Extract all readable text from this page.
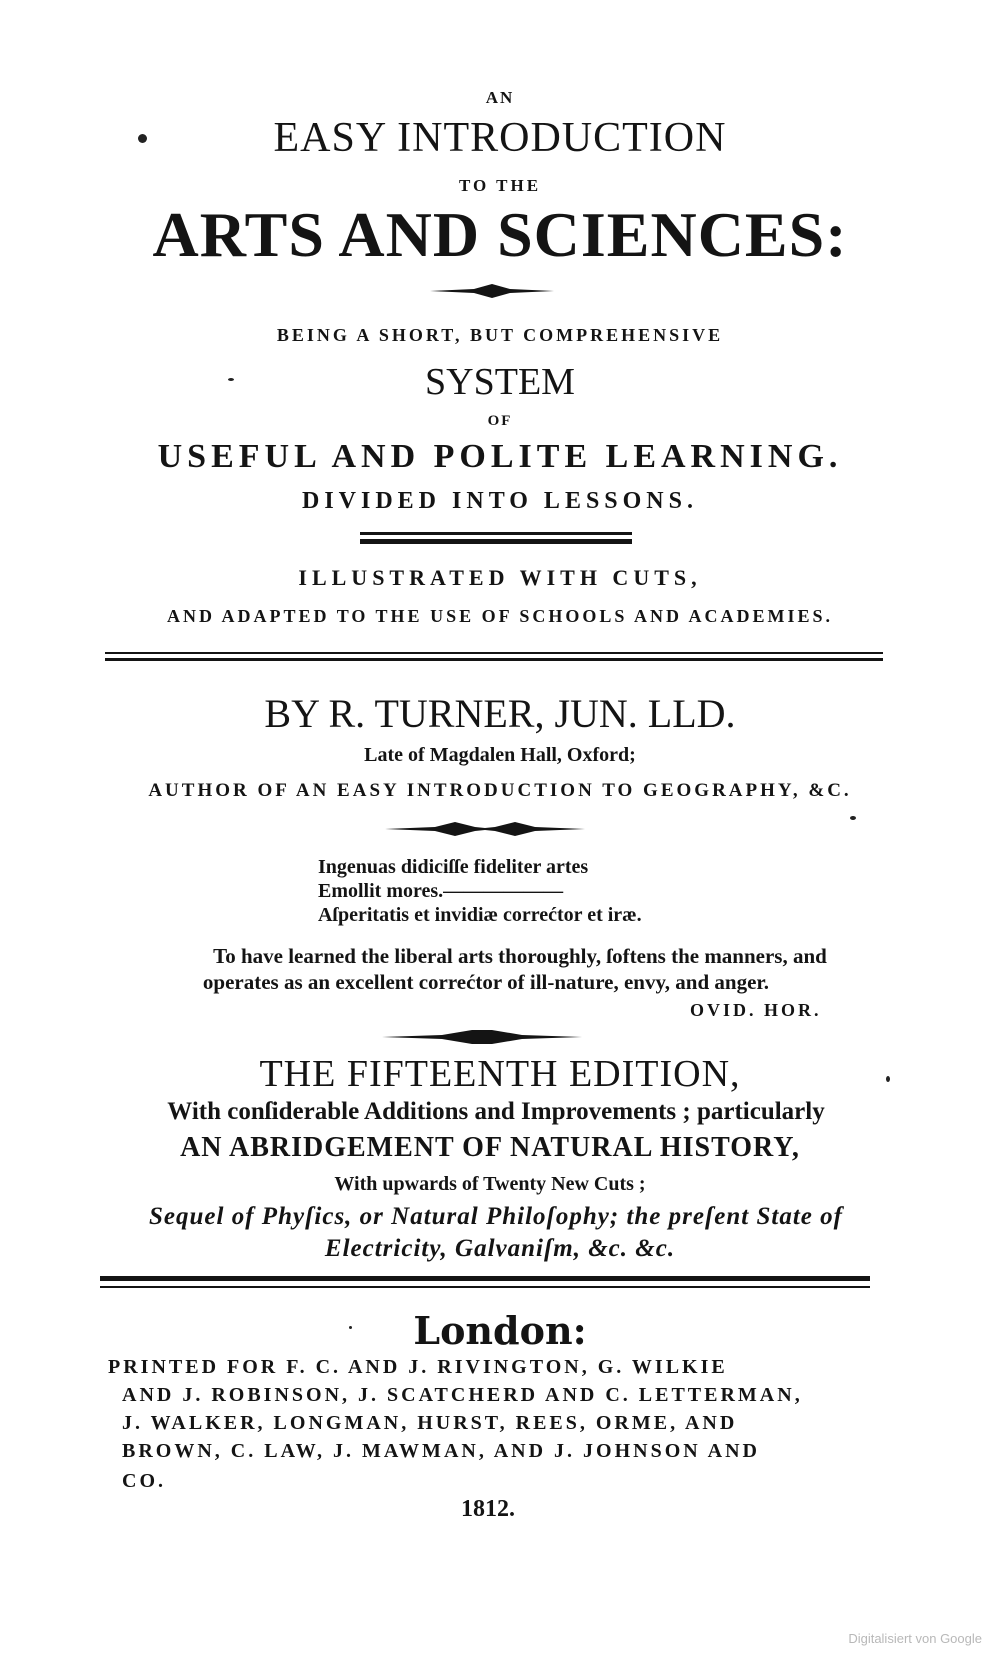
AN
EASY INTRODUCTION
TO THE
ARTS AND SCIENCES:
BEING A SHORT, BUT COMPREHENSIVE
SYSTEM
OF
USEFUL AND POLITE LEARNING.
DIVIDED INTO LESSONS.
ILLUSTRATED WITH CUTS,
AND ADAPTED TO THE USE OF SCHOOLS AND ACADEMIES.
BY R. TURNER, JUN. LLD.
Late of Magdalen Hall, Oxford;
AUTHOR OF AN EASY INTRODUCTION TO GEOGRAPHY, &C.
Ingenuas didiciſſe fideliter artes
Emollit mores.——————
Aſperitatis et invidiæ correćtor et iræ.
To have learned the liberal arts thoroughly, ſoftens the manners, and
operates as an excellent correćtor of ill-nature, envy, and anger.
OVID. HOR.
THE FIFTEENTH EDITION,
With conſiderable Additions and Improvements ; particularly
AN ABRIDGEMENT OF NATURAL HISTORY,
With upwards of Twenty New Cuts ;
Sequel of Phyſics, or Natural Philoſophy; the preſent State of
Electricity, Galvaniſm, &c. &c.
London:
PRINTED FOR F. C. AND J. RIVINGTON, G. WILKIE
AND J. ROBINSON, J. SCATCHERD AND C. LETTERMAN,
J. WALKER, LONGMAN, HURST, REES, ORME, AND
BROWN, C. LAW, J. MAWMAN, AND J. JOHNSON AND
CO.
1812.
Digitalisiert von Google
